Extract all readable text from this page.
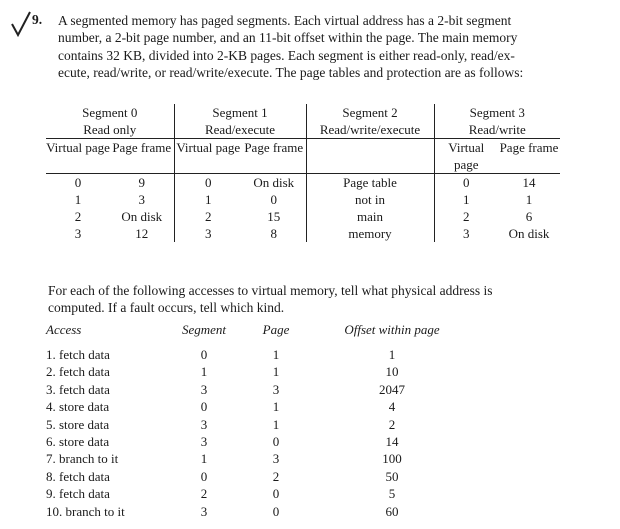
9. A segmented memory has paged segments. Each virtual address has a 2-bit segment
number, a 2-bit page number, and an 11-bit offset within the page. The main memory
contains 32 KB, divided into 2-KB pages. Each segment is either read-only, read/ex-
ecute, read/write, or read/write/execute. The page tables and protection are as follows:
Segment 0		Segment 1		Segment 2	Segment 3	
Read only		Read/execute		Read/write/execute	Read/write	
Virtual page	Page frame	Virtual page	Page frame		Virtual page	Page frame
0	9	0	On disk	Page table	0	14
1	3	1	0	not in	1	1
2	On disk	2	15	main	2	6
3	12	3	8	memory	3	On disk
For each of the following accesses to virtual memory, tell what physical address is
computed. If a fault occurs, tell which kind.
Access	Segment	Page	Offset within page
1. fetch data	0	1	1
2. fetch data	1	1	10
3. fetch data	3	3	2047
4. store data	0	1	4
5. store data	3	1	2
6. store data	3	0	14
7. branch to it	1	3	100
8. fetch data	0	2	50
9. fetch data	2	0	5
10. branch to it	3	0	60
